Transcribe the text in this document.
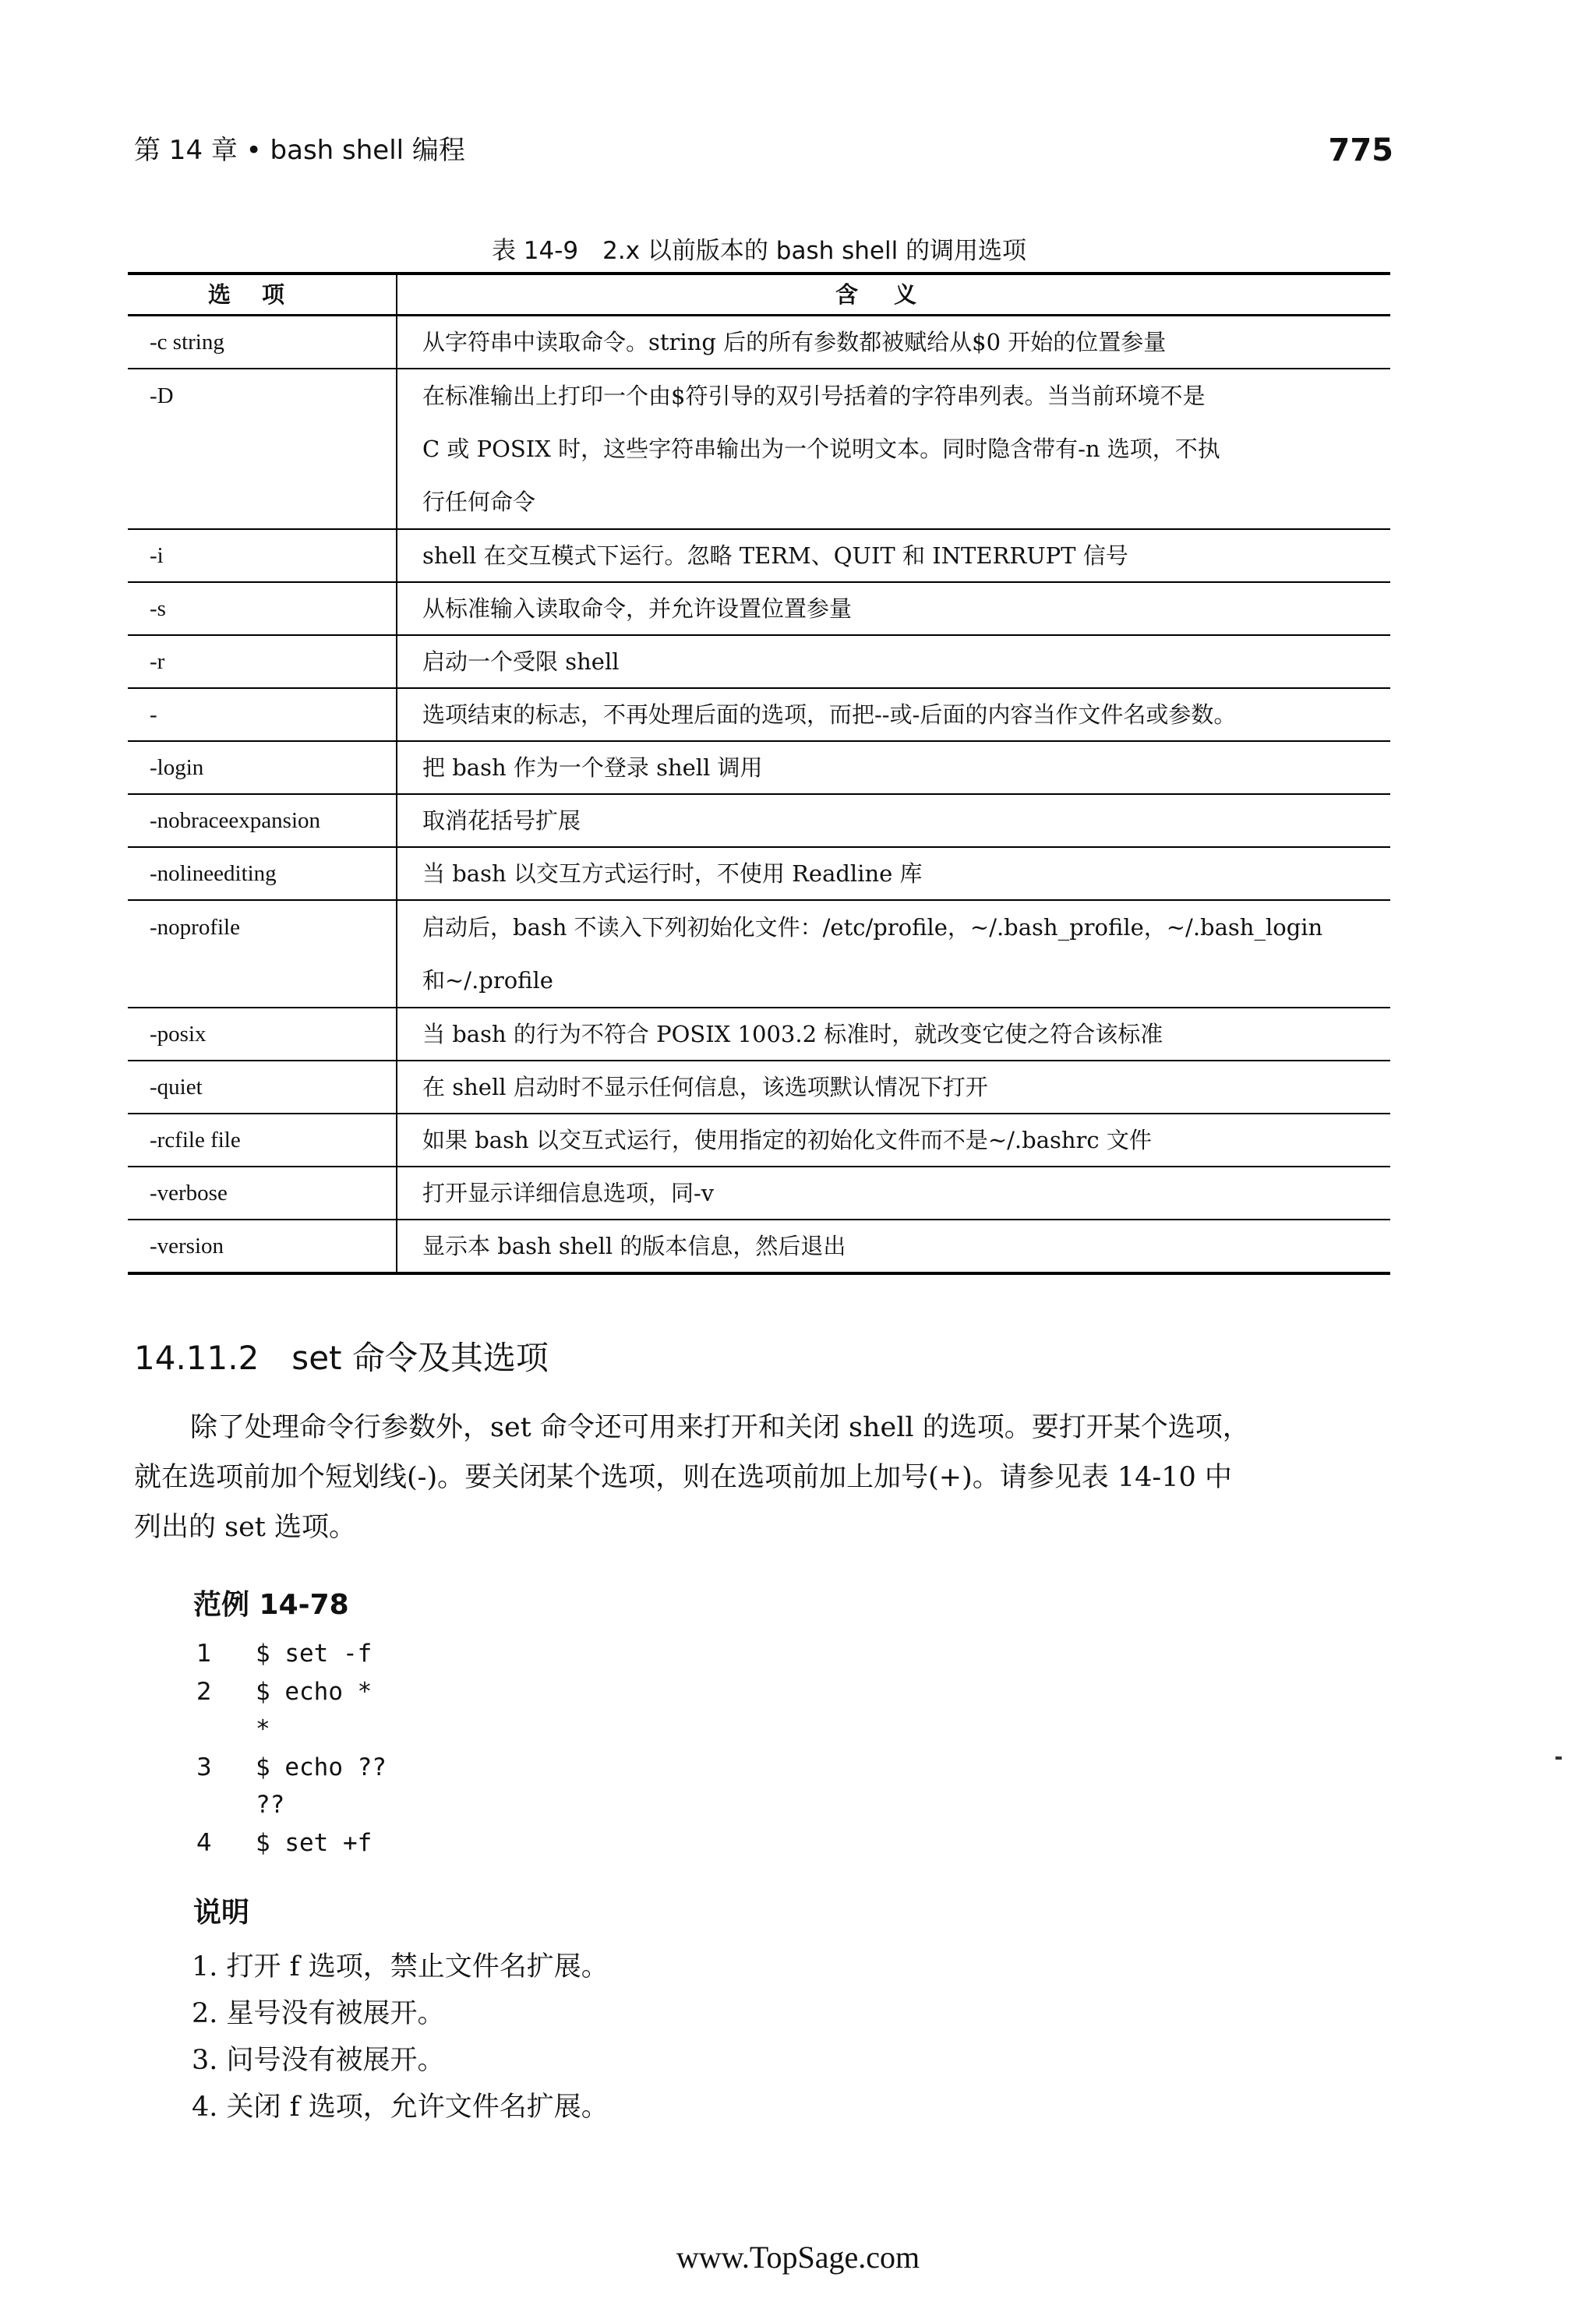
第 14 章 • bash shell 编程	775
表 14-9　2.x 以前版本的 bash shell 的调用选项
选项	含义
-c string	从字符串中读取命令。string 后的所有参数都被赋给从$0 开始的位置参量
-D	在标准输出上打印一个由$符引导的双引号括着的字符串列表。当当前环境不是
C 或 POSIX 时，这些字符串输出为一个说明文本。同时隐含带有-n 选项，不执
行任何命令
-i	shell 在交互模式下运行。忽略 TERM、QUIT 和 INTERRUPT 信号
-s	从标准输入读取命令，并允许设置位置参量
-r	启动一个受限 shell
-	选项结束的标志，不再处理后面的选项，而把--或-后面的内容当作文件名或参数。
-login	把 bash 作为一个登录 shell 调用
-nobraceexpansion	取消花括号扩展
-nolineediting	当 bash 以交互方式运行时，不使用 Readline 库
-noprofile	启动后，bash 不读入下列初始化文件：/etc/profile，~/.bash_profile，~/.bash_login
和~/.profile
-posix	当 bash 的行为不符合 POSIX 1003.2 标准时，就改变它使之符合该标准
-quiet	在 shell 启动时不显示任何信息，该选项默认情况下打开
-rcfile file	如果 bash 以交互式运行，使用指定的初始化文件而不是~/.bashrc 文件
-verbose	打开显示详细信息选项，同-v
-version	显示本 bash shell 的版本信息，然后退出
14.11.2　set 命令及其选项
除了处理命令行参数外，set 命令还可用来打开和关闭 shell 的选项。要打开某个选项，
就在选项前加个短划线(-)。要关闭某个选项，则在选项前加上加号(+)。请参见表 14-10 中
列出的 set 选项。
范例 14-78
1	$ set -f
2	$ echo *
*
3	$ echo ??
??
4	$ set +f
说明
1. 打开 f 选项，禁止文件名扩展。
2. 星号没有被展开。
3. 问号没有被展开。
4. 关闭 f 选项，允许文件名扩展。
www.TopSage.com
